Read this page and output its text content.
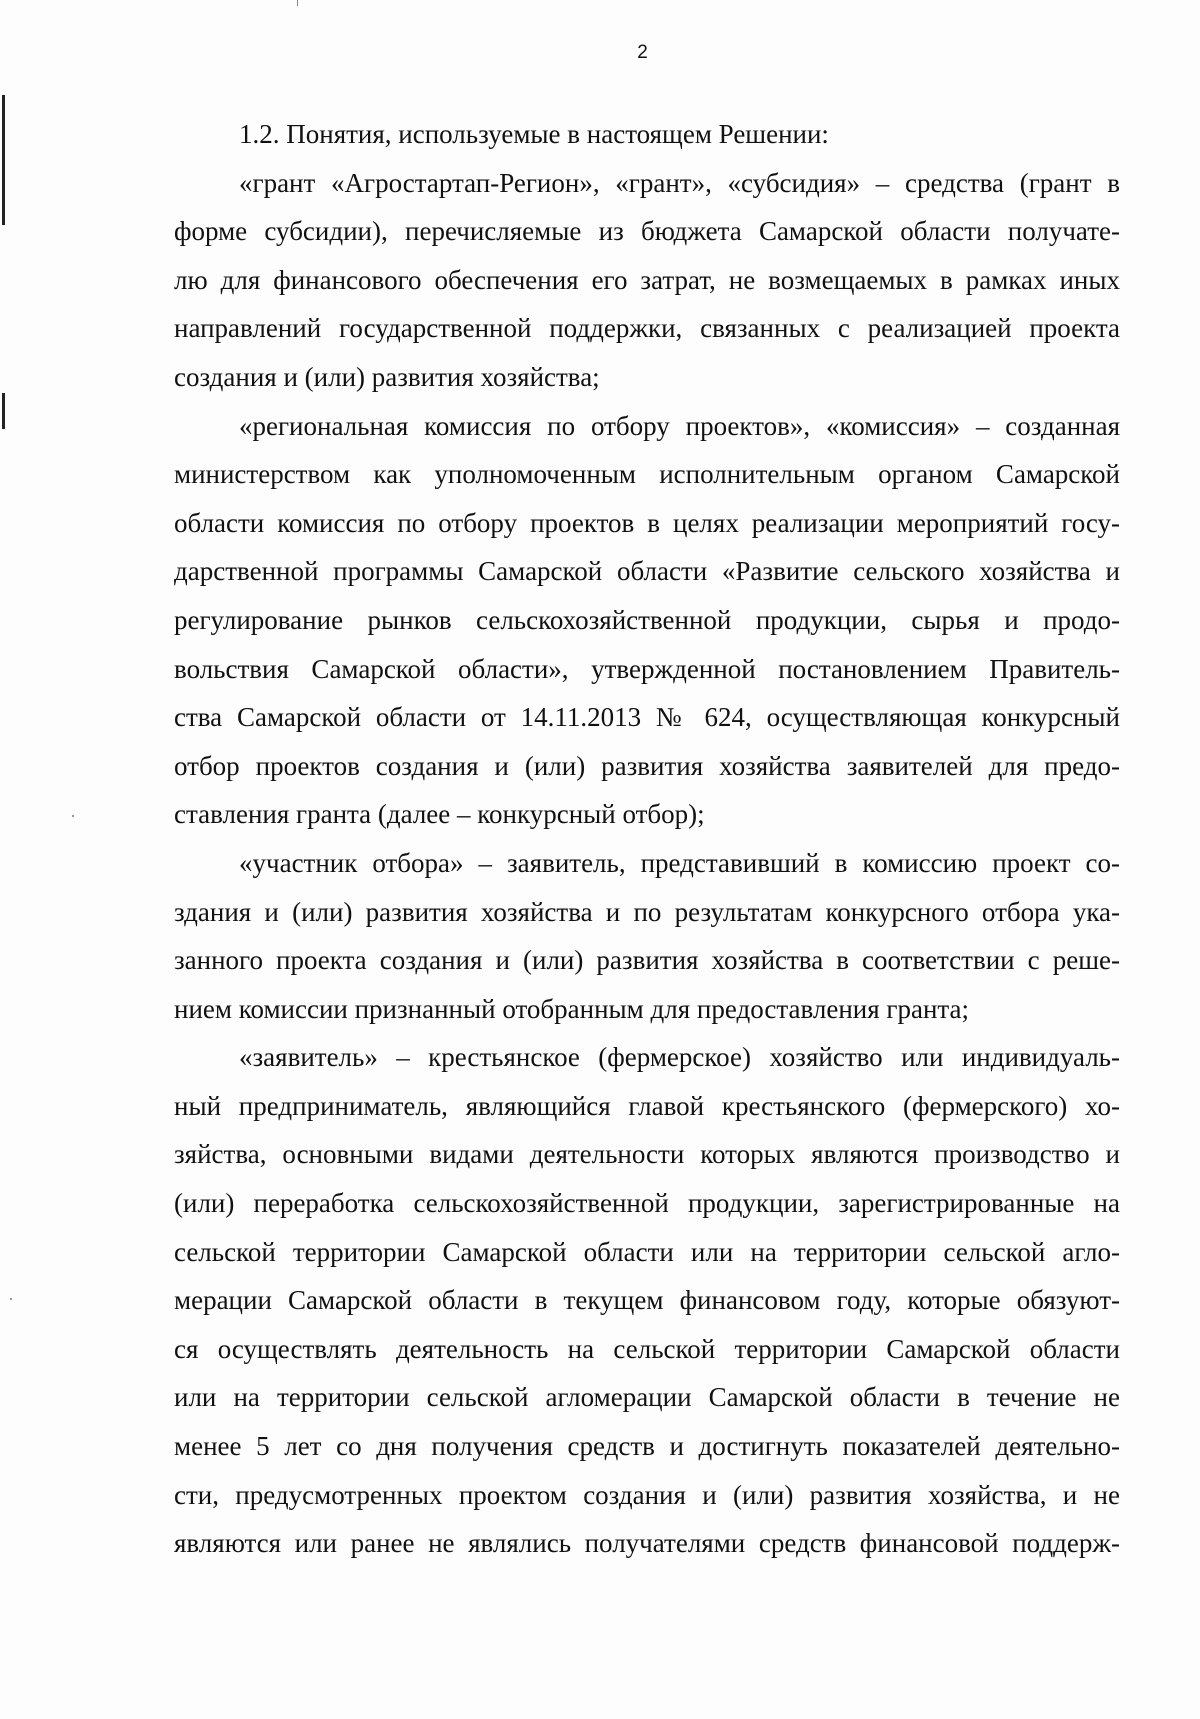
2

1.2. Понятия, используемые в настоящем Решении:

«грант «Агростартап-Регион», «грант», «субсидия» – средства (грант в
форме субсидии), перечисляемые из бюджета Самарской области получате-
лю для финансового обеспечения его затрат, не возмещаемых в рамках иных
направлений государственной поддержки, связанных с реализацией проекта
создания и (или) развития хозяйства;

«региональная комиссия по отбору проектов», «комиссия» – созданная
министерством как уполномоченным исполнительным органом Самарской
области комиссия по отбору проектов в целях реализации мероприятий госу-
дарственной программы Самарской области «Развитие сельского хозяйства и
регулирование рынков сельскохозяйственной продукции, сырья и продо-
вольствия Самарской области», утвержденной постановлением Правитель-
ства Самарской области от 14.11.2013 № 624, осуществляющая конкурсный
отбор проектов создания и (или) развития хозяйства заявителей для предо-
ставления гранта (далее – конкурсный отбор);

«участник отбора» – заявитель, представивший в комиссию проект со-
здания и (или) развития хозяйства и по результатам конкурсного отбора ука-
занного проекта создания и (или) развития хозяйства в соответствии с реше-
нием комиссии признанный отобранным для предоставления гранта;

«заявитель» – крестьянское (фермерское) хозяйство или индивидуаль-
ный предприниматель, являющийся главой крестьянского (фермерского) хо-
зяйства, основными видами деятельности которых являются производство и
(или) переработка сельскохозяйственной продукции, зарегистрированные на
сельской территории Самарской области или на территории сельской агло-
мерации Самарской области в текущем финансовом году, которые обязуют-
ся осуществлять деятельность на сельской территории Самарской области
или на территории сельской агломерации Самарской области в течение не
менее 5 лет со дня получения средств и достигнуть показателей деятельно-
сти, предусмотренных проектом создания и (или) развития хозяйства, и не
являются или ранее не являлись получателями средств финансовой поддерж-
